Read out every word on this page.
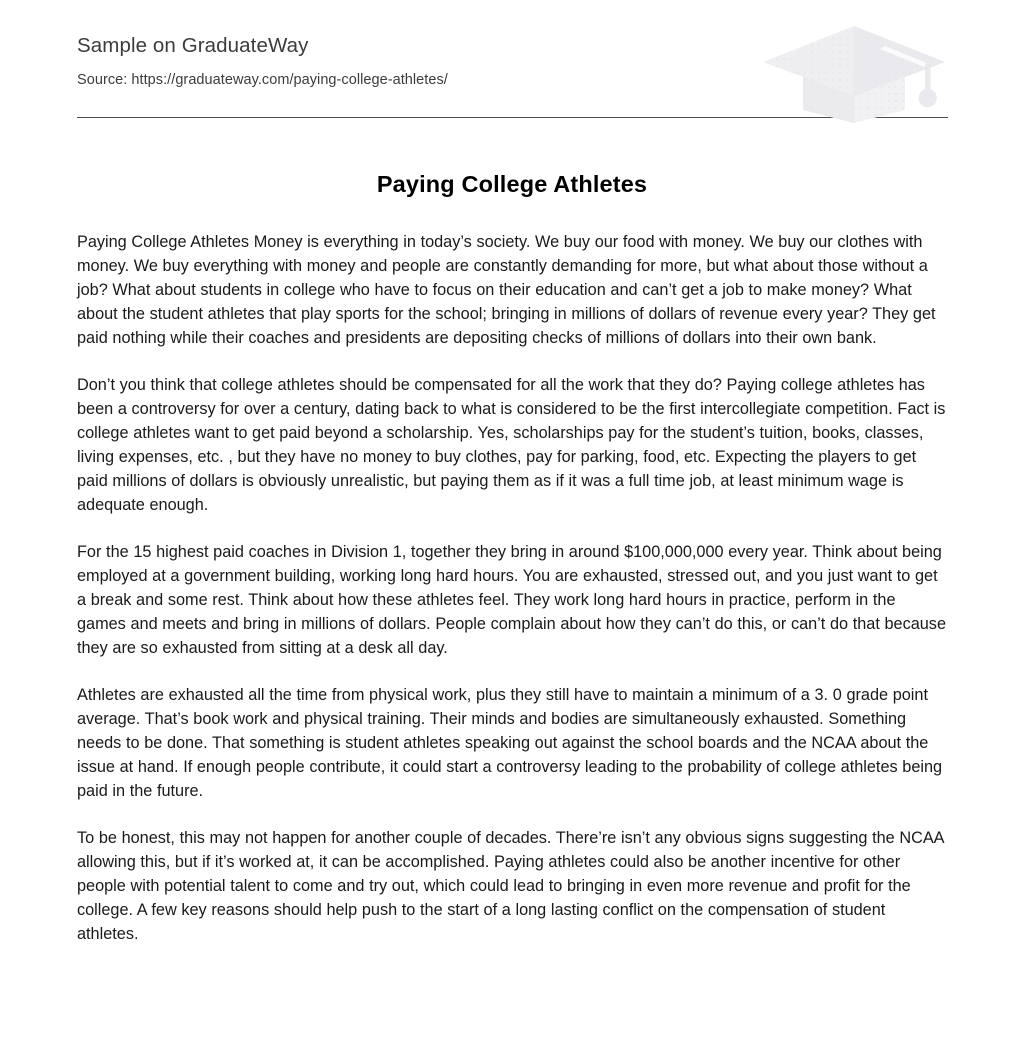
Sample on GraduateWay
Source: https://graduateway.com/paying-college-athletes/
Paying College Athletes

Paying College Athletes Money is everything in today’s society. We buy our food with money. We buy our clothes with money. We buy everything with money and people are constantly demanding for more, but what about those without a job? What about students in college who have to focus on their education and can’t get a job to make money? What about the student athletes that play sports for the school; bringing in millions of dollars of revenue every year? They get paid nothing while their coaches and presidents are depositing checks of millions of dollars into their own bank.

Don’t you think that college athletes should be compensated for all the work that they do? Paying college athletes has been a controversy for over a century, dating back to what is considered to be the first intercollegiate competition. Fact is college athletes want to get paid beyond a scholarship. Yes, scholarships pay for the student’s tuition, books, classes, living expenses, etc. , but they have no money to buy clothes, pay for parking, food, etc. Expecting the players to get paid millions of dollars is obviously unrealistic, but paying them as if it was a full time job, at least minimum wage is adequate enough.

For the 15 highest paid coaches in Division 1, together they bring in around $100,000,000 every year. Think about being employed at a government building, working long hard hours. You are exhausted, stressed out, and you just want to get a break and some rest. Think about how these athletes feel. They work long hard hours in practice, perform in the games and meets and bring in millions of dollars. People complain about how they can’t do this, or can’t do that because they are so exhausted from sitting at a desk all day.

Athletes are exhausted all the time from physical work, plus they still have to maintain a minimum of a 3. 0 grade point average. That’s book work and physical training. Their minds and bodies are simultaneously exhausted. Something needs to be done. That something is student athletes speaking out against the school boards and the NCAA about the issue at hand. If enough people contribute, it could start a controversy leading to the probability of college athletes being paid in the future.

To be honest, this may not happen for another couple of decades. There’re isn’t any obvious signs suggesting the NCAA allowing this, but if it’s worked at, it can be accomplished. Paying athletes could also be another incentive for other people with potential talent to come and try out, which could lead to bringing in even more revenue and profit for the college. A few key reasons should help push to the start of a long lasting conflict on the compensation of student athletes.
